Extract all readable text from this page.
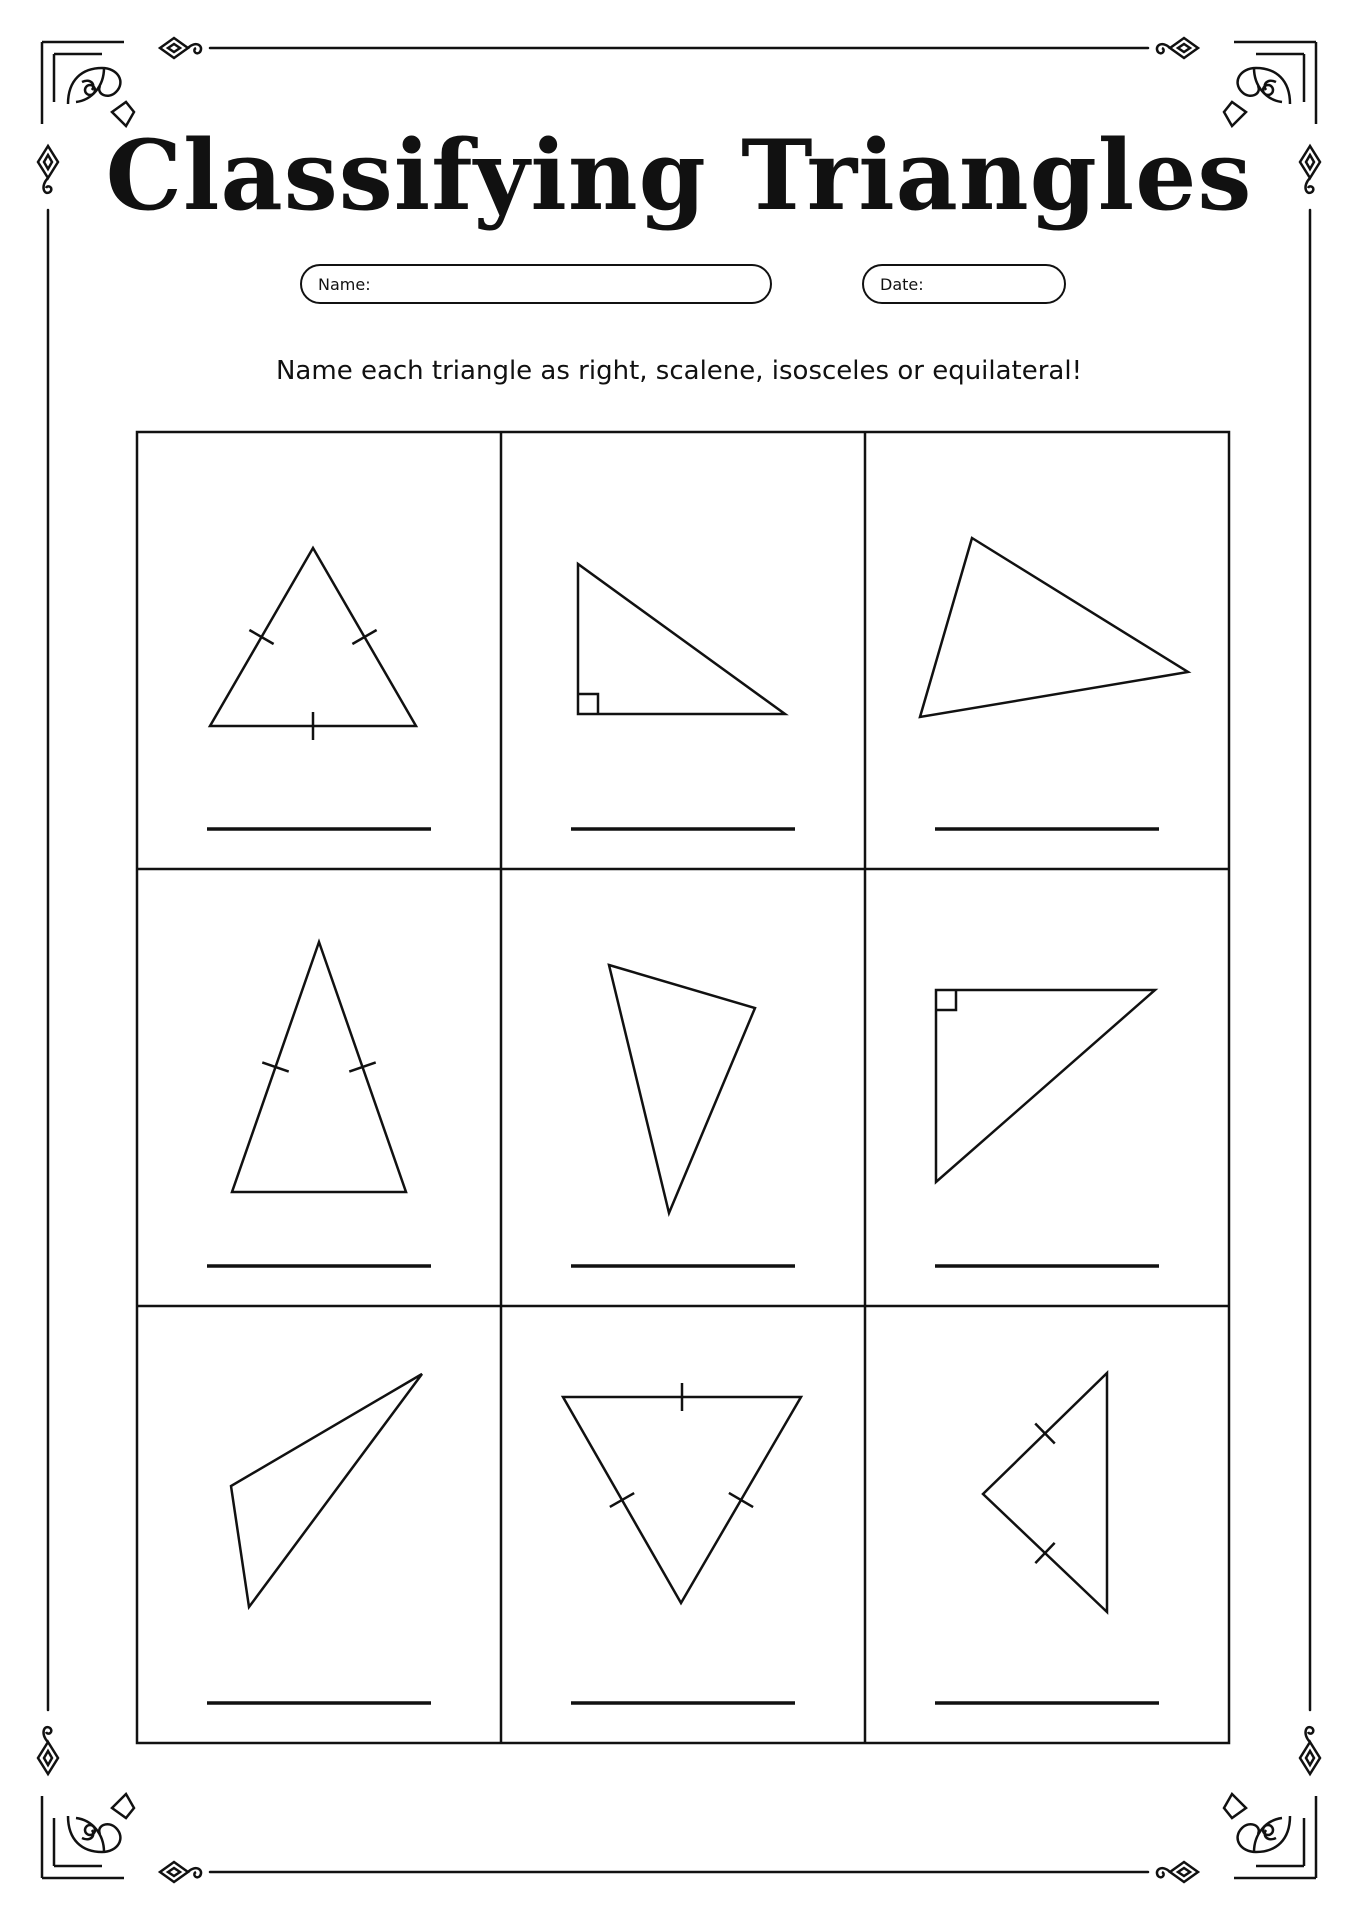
Classifying Triangles
Name:	Date:

Name each triangle as right, scalene, isosceles or equilateral!
